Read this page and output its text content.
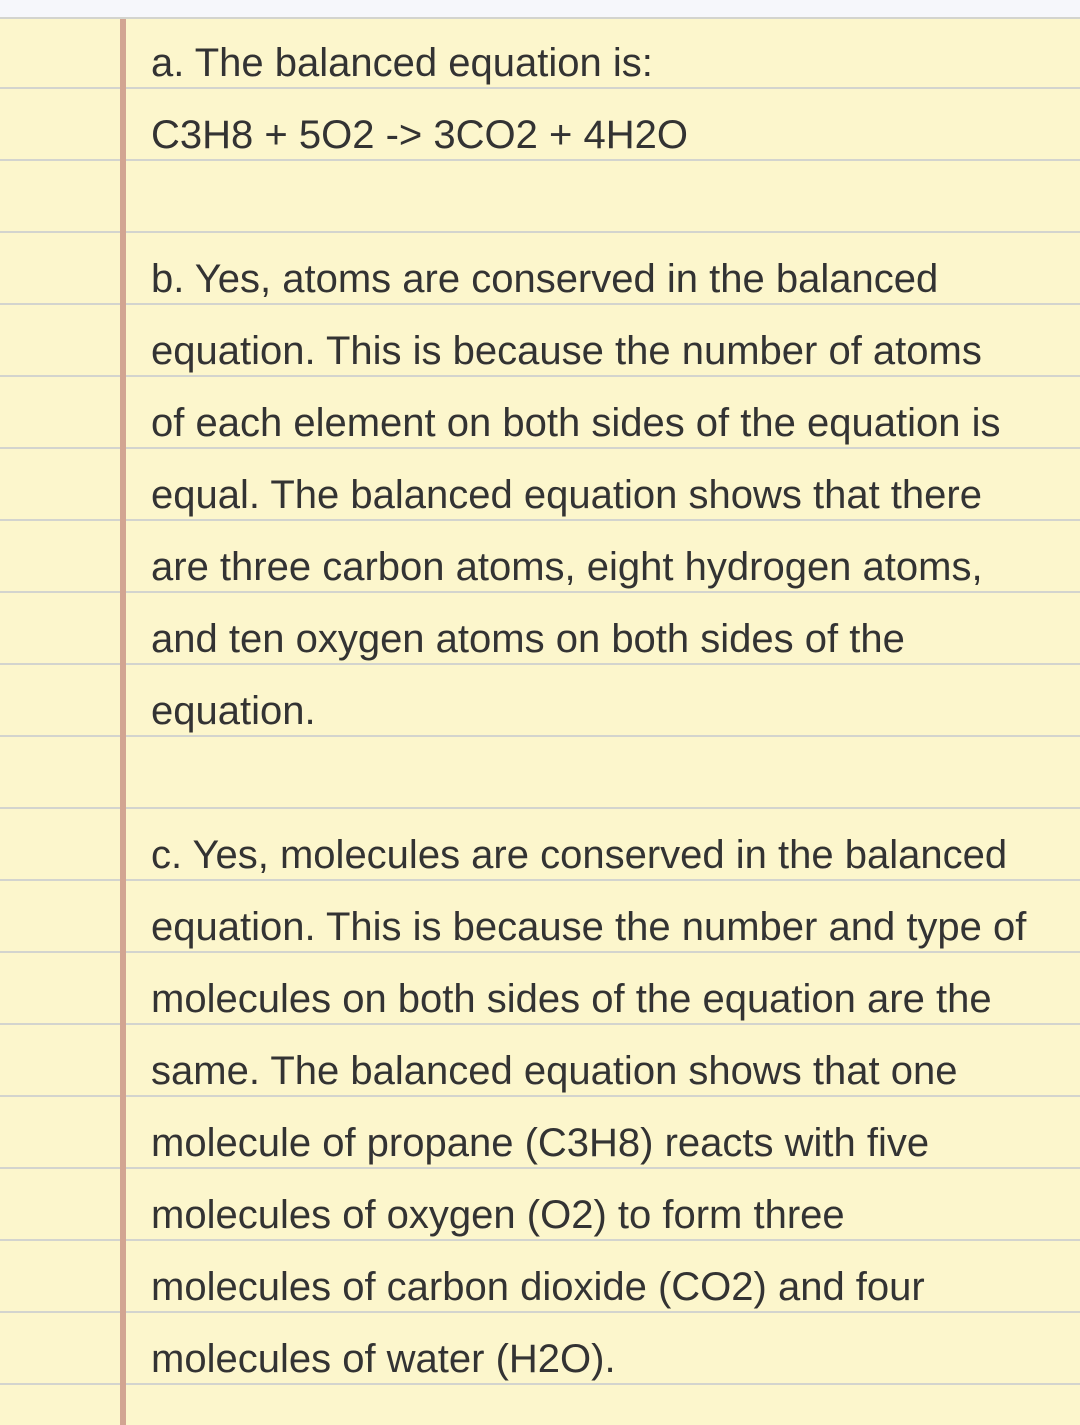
a. The balanced equation is:
C3H8 + 5O2 -> 3CO2 + 4H2O
b. Yes, atoms are conserved in the balanced
equation. This is because the number of atoms
of each element on both sides of the equation is
equal. The balanced equation shows that there
are three carbon atoms, eight hydrogen atoms,
and ten oxygen atoms on both sides of the
equation.
c. Yes, molecules are conserved in the balanced
equation. This is because the number and type of
molecules on both sides of the equation are the
same. The balanced equation shows that one
molecule of propane (C3H8) reacts with five
molecules of oxygen (O2) to form three
molecules of carbon dioxide (CO2) and four
molecules of water (H2O).
